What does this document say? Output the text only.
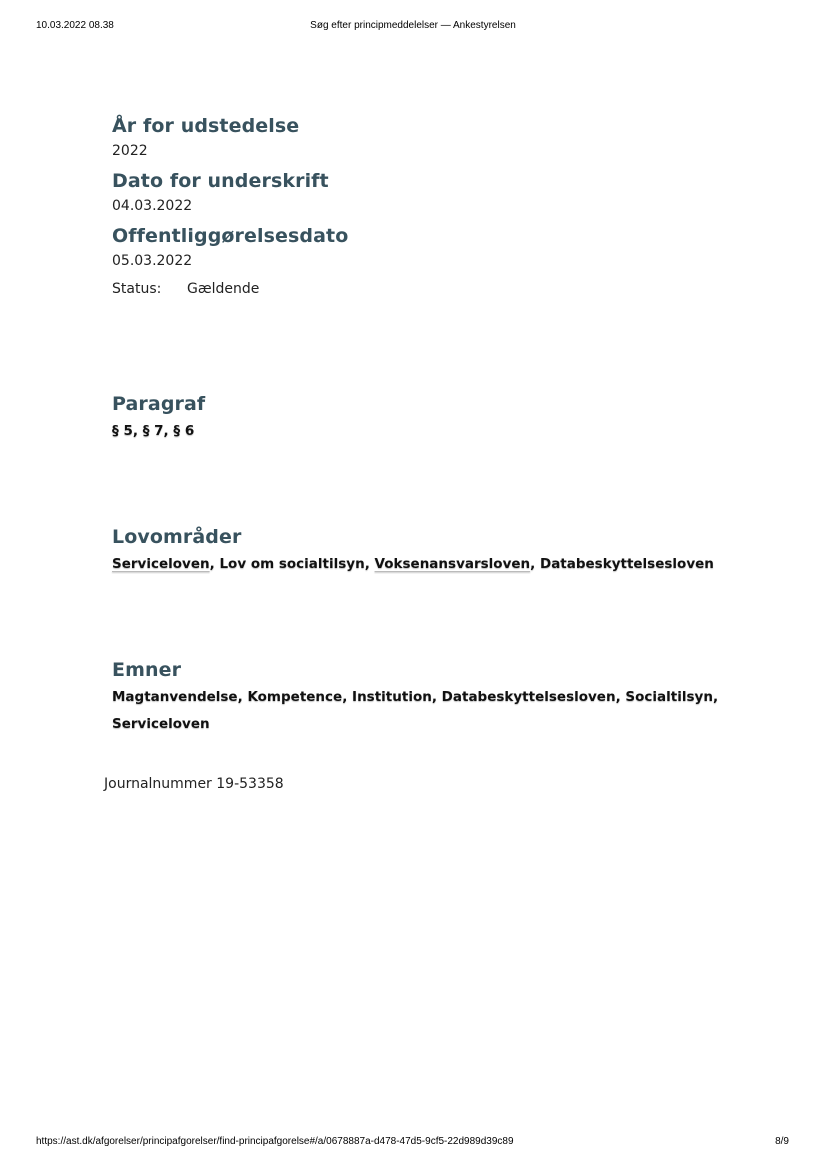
10.03.2022 08.38	Søg efter principmeddelelser — Ankestyrelsen
År for udstedelse

2022

Dato for underskrift

04.03.2022

Offentliggørelsesdato

05.03.2022

Status:	Gældende
Paragraf

§ 5, § 7, § 6

Lovområder

Serviceloven, Lov om socialtilsyn, Voksenansvarsloven, Databeskyttelsesloven

Emner

Magtanvendelse, Kompetence, Institution, Databeskyttelsesloven, Socialtilsyn, Serviceloven

Journalnummer 19-53358
https://ast.dk/afgorelser/principafgorelser/find-principafgorelse#/a/0678887a-d478-47d5-9cf5-22d989d39c89	8/9
